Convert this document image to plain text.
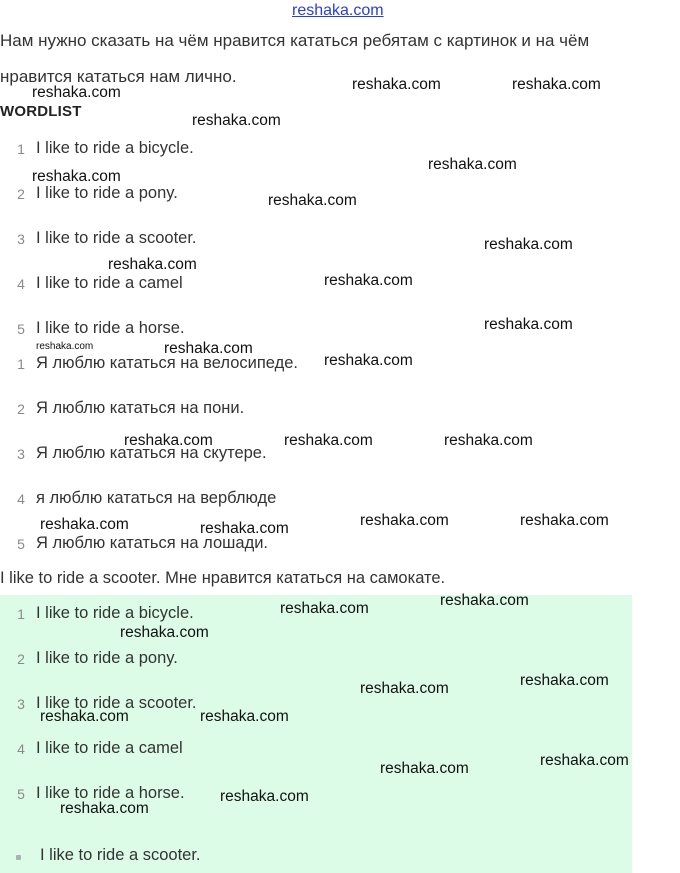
reshaka.com
Нам нужно сказать на чём нравится кататься ребятам с картинок и на чём
нравится кататься нам лично.
WORDLIST
1 I like to ride a bicycle.
2 I like to ride a pony.
3 I like to ride a scooter.
4 I like to ride a camel
5 I like to ride a horse.
1 Я люблю кататься на велосипеде.
2 Я люблю кататься на пони.
3 Я люблю кататься на скутере.
4 я люблю кататься на верблюде
5 Я люблю кататься на лошади.
I like to ride a scooter. Мне нравится кататься на самокате.
1 I like to ride a bicycle.
2 I like to ride a pony.
3 I like to ride a scooter.
4 I like to ride a camel
5 I like to ride a horse.
I like to ride a scooter.
reshaka.com	reshaka.com	reshaka.com
reshaka.com
reshaka.com
reshaka.com
reshaka.com
reshaka.com
reshaka.com
reshaka.com
reshaka.com
reshaka.com	reshaka.com
reshaka.com
reshaka.com	reshaka.com	reshaka.com
reshaka.com	reshaka.com	reshaka.com	reshaka.com
reshaka.com	reshaka.com
reshaka.com
reshaka.com	reshaka.com
reshaka.com	reshaka.com
reshaka.com	reshaka.com
reshaka.com
reshaka.com
